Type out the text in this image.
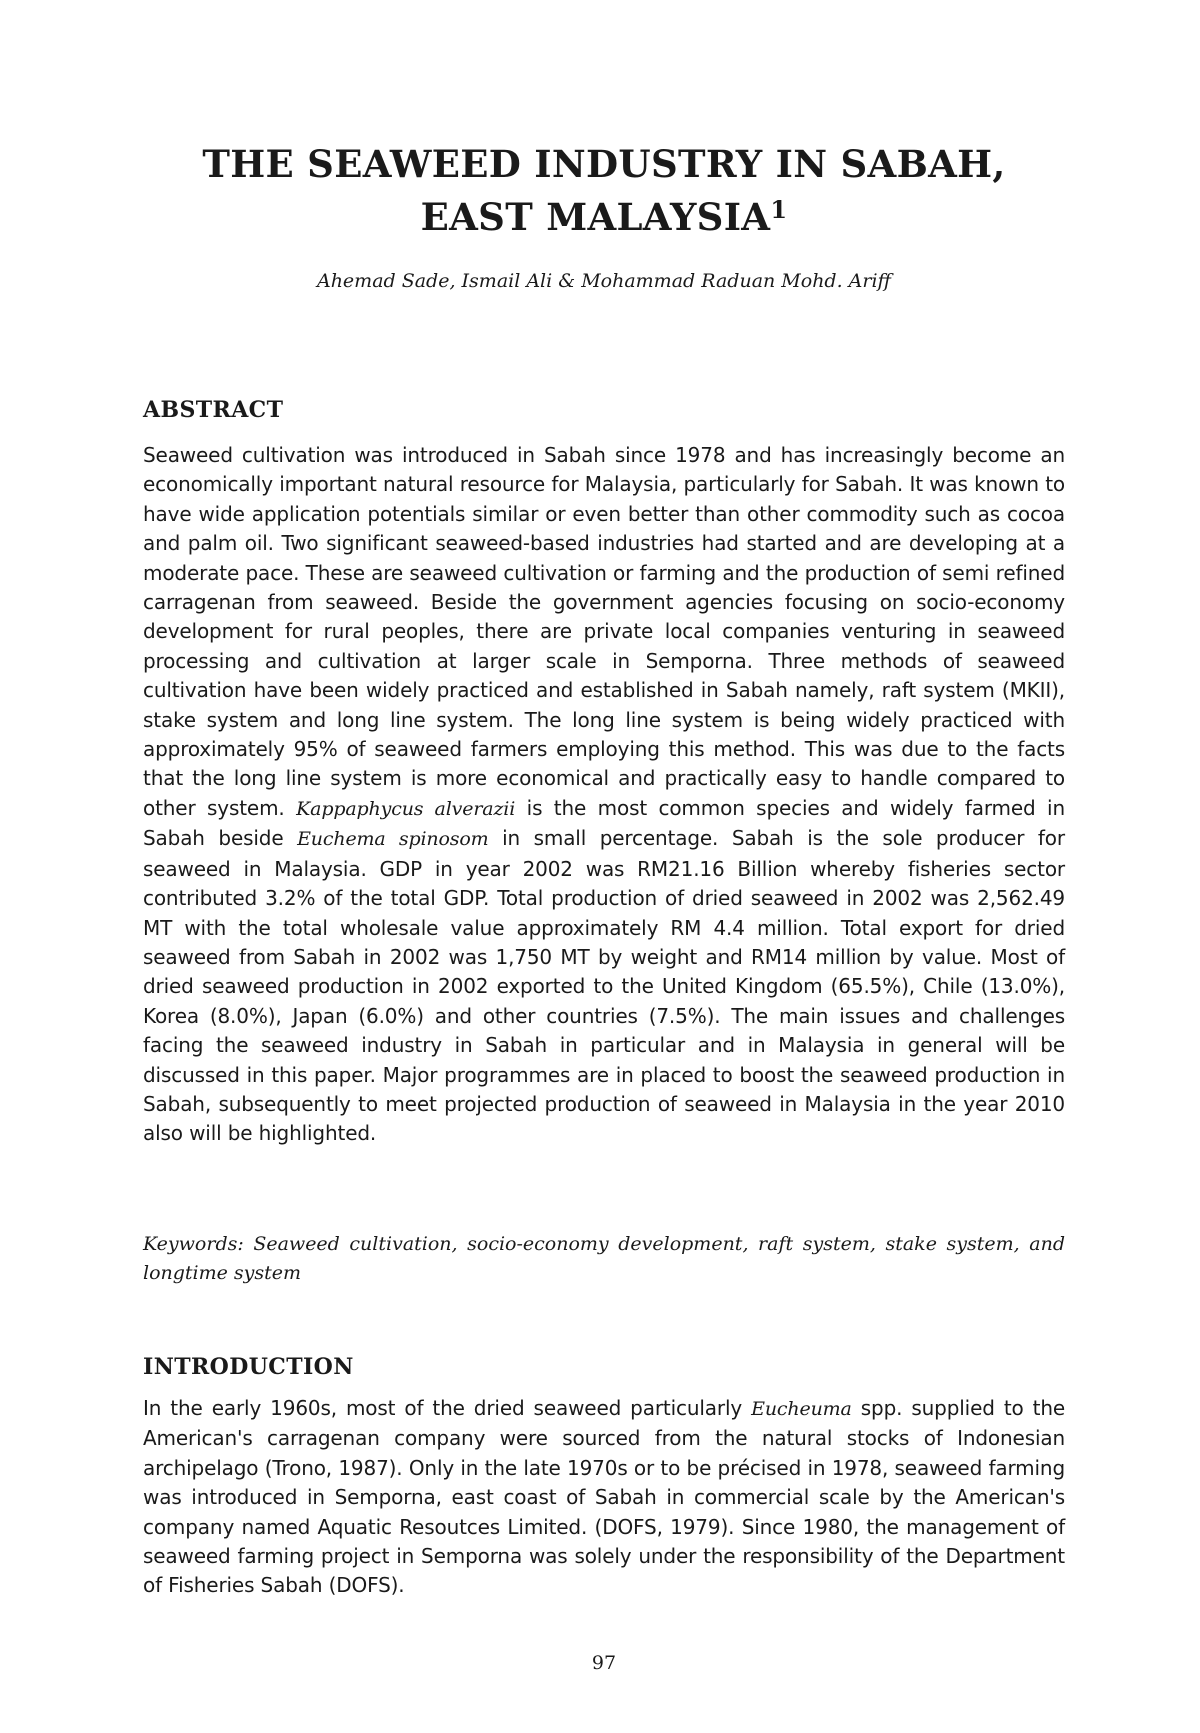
THE SEAWEED INDUSTRY IN SABAH,
EAST MALAYSIA$^1$

Ahemad Sade, Ismail Ali & Mohammad Raduan Mohd. Ariff

ABSTRACT

Seaweed cultivation was introduced in Sabah since 1978 and has increasingly become an economically important natural resource for Malaysia, particularly for Sabah. It was known to have wide application potentials similar or even better than other commodity such as cocoa and palm oil. Two significant seaweed-based industries had started and are developing at a moderate pace. These are seaweed cultivation or farming and the production of semi refined carragenan from seaweed. Beside the government agencies focusing on socio-economy development for rural peoples, there are private local companies venturing in seaweed processing and cultivation at larger scale in Semporna. Three methods of seaweed cultivation have been widely practiced and established in Sabah namely, raft system (MKII), stake system and long line system. The long line system is being widely practiced with approximately 95% of seaweed farmers employing this method. This was due to the facts that the long line system is more economical and practically easy to handle compared to other system. Kappaphycus alverazii is the most common species and widely farmed in Sabah beside Euchema spinosom in small percentage. Sabah is the sole producer for seaweed in Malaysia. GDP in year 2002 was RM21.16 Billion whereby fisheries sector contributed 3.2% of the total GDP. Total production of dried seaweed in 2002 was 2,562.49 MT with the total wholesale value approximately RM 4.4 million. Total export for dried seaweed from Sabah in 2002 was 1,750 MT by weight and RM14 million by value. Most of dried seaweed production in 2002 exported to the United Kingdom (65.5%), Chile (13.0%), Korea (8.0%), Japan (6.0%) and other countries (7.5%). The main issues and challenges facing the seaweed industry in Sabah in particular and in Malaysia in general will be discussed in this paper. Major programmes are in placed to boost the seaweed production in Sabah, subsequently to meet projected production of seaweed in Malaysia in the year 2010 also will be highlighted.

Keywords: Seaweed cultivation, socio-economy development, raft system, stake system, and longtime system

INTRODUCTION

In the early 1960s, most of the dried seaweed particularly Eucheuma spp. supplied to the American's carragenan company were sourced from the natural stocks of Indonesian archipelago (Trono, 1987). Only in the late 1970s or to be précised in 1978, seaweed farming was introduced in Semporna, east coast of Sabah in commercial scale by the American's company named Aquatic Resoutces Limited. (DOFS, 1979). Since 1980, the management of seaweed farming project in Semporna was solely under the responsibility of the Department of Fisheries Sabah (DOFS).

97
